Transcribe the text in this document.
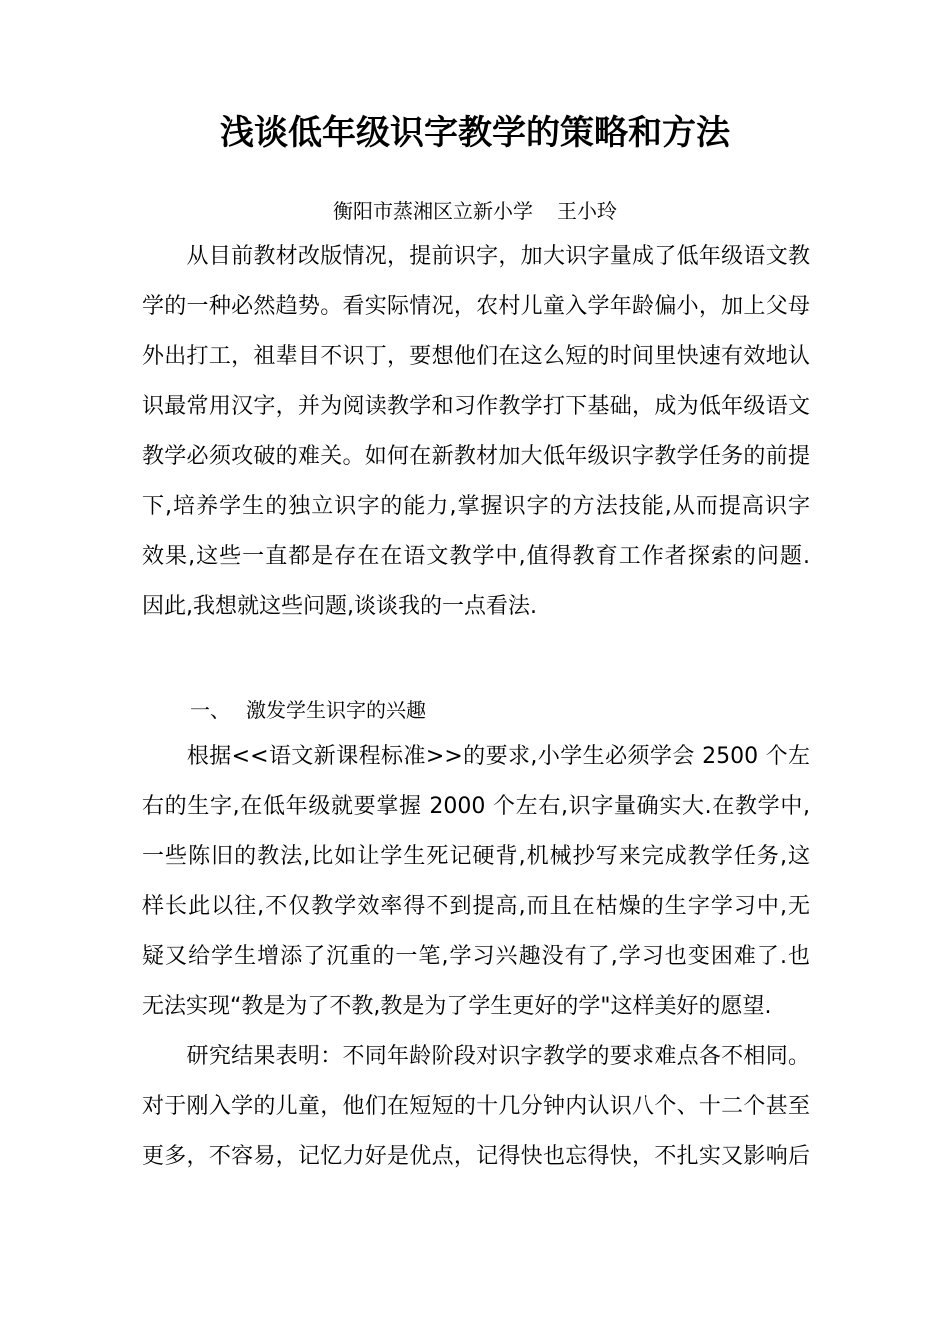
浅谈低年级识字教学的策略和方法
衡阳市蒸湘区立新小学 王小玲
　　从目前教材改版情况，提前识字，加大识字量成了低年级语文教
学的一种必然趋势。看实际情况，农村儿童入学年龄偏小，加上父母
外出打工，祖辈目不识丁，要想他们在这么短的时间里快速有效地认
识最常用汉字，并为阅读教学和习作教学打下基础，成为低年级语文
教学必须攻破的难关。如何在新教材加大低年级识字教学任务的前提
下,培养学生的独立识字的能力,掌握识字的方法技能,从而提高识字
效果,这些一直都是存在在语文教学中,值得教育工作者探索的问题.
因此,我想就这些问题,谈谈我的一点看法.
一、 激发学生识字的兴趣
　　根据<<语文新课程标准>>的要求,小学生必须学会 2500 个左
右的生字,在低年级就要掌握 2000 个左右,识字量确实大.在教学中,
一些陈旧的教法,比如让学生死记硬背,机械抄写来完成教学任务,这
样长此以往,不仅教学效率得不到提高,而且在枯燥的生字学习中,无
疑又给学生增添了沉重的一笔,学习兴趣没有了,学习也变困难了.也
无法实现“教是为了不教,教是为了学生更好的学"这样美好的愿望.
　　研究结果表明：不同年龄阶段对识字教学的要求难点各不相同。
对于刚入学的儿童，他们在短短的十几分钟内认识八个、十二个甚至
更多，不容易，记忆力好是优点，记得快也忘得快，不扎实又影响后
